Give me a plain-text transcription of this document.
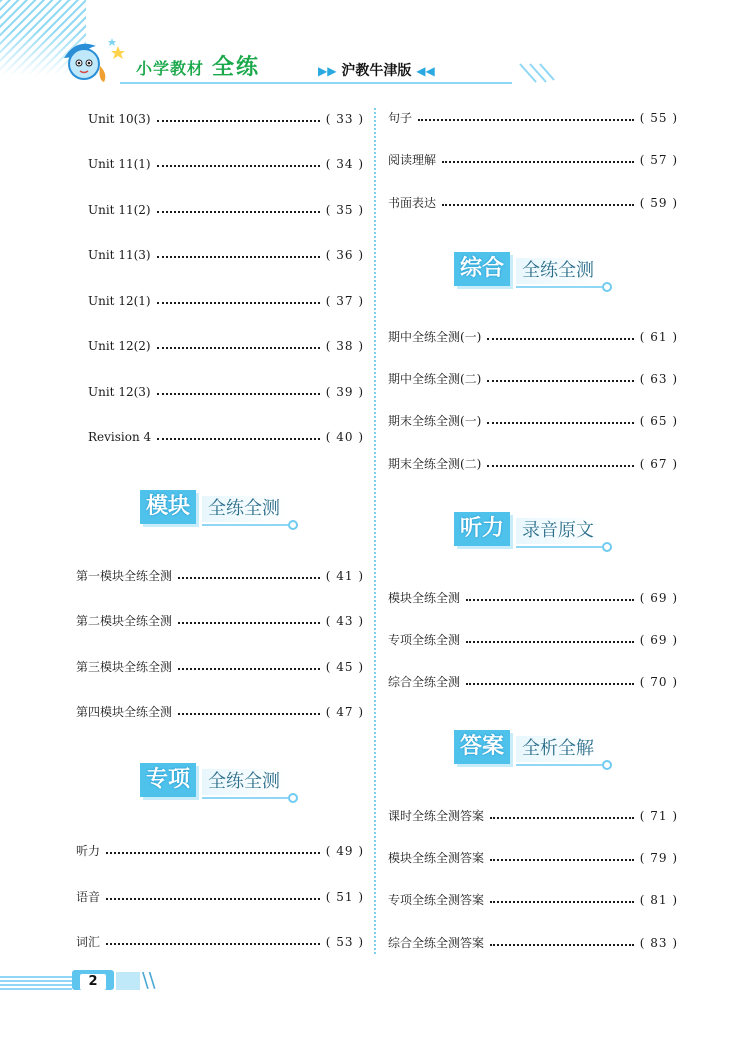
小学教材 全练	▶▶ 沪教牛津版 ◀◀
Unit 10(3)	( 33 )
Unit 11(1)	( 34 )
Unit 11(2)	( 35 )
Unit 11(3)	( 36 )
Unit 12(1)	( 37 )
Unit 12(2)	( 38 )
Unit 12(3)	( 39 )
Revision 4	( 40 )
模块 全练全测
第一模块全练全测	( 41 )
第二模块全练全测	( 43 )
第三模块全练全测	( 45 )
第四模块全练全测	( 47 )
专项 全练全测
听力	( 49 )
语音	( 51 )
词汇	( 53 )
句子	( 55 )
阅读理解	( 57 )
书面表达	( 59 )
综合 全练全测
期中全练全测(一)	( 61 )
期中全练全测(二)	( 63 )
期末全练全测(一)	( 65 )
期末全练全测(二)	( 67 )
听力 录音原文
模块全练全测	( 69 )
专项全练全测	( 69 )
综合全练全测	( 70 )
答案 全析全解
课时全练全测答案	( 71 )
模块全练全测答案	( 79 )
专项全练全测答案	( 81 )
综合全练全测答案	( 83 )
2	\\
